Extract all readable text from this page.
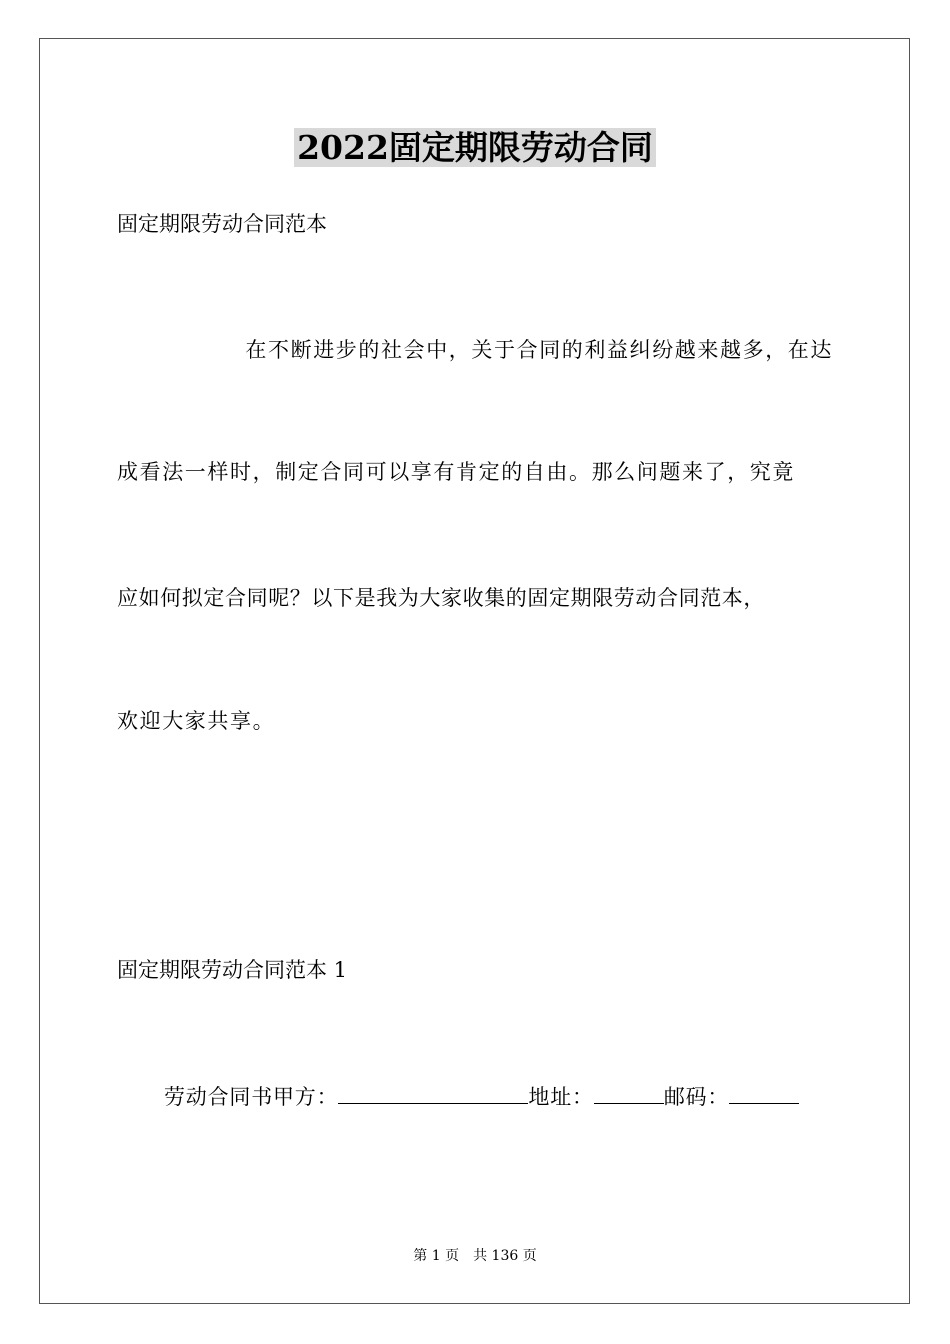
2022固定期限劳动合同
固定期限劳动合同范本
在不断进步的社会中，关于合同的利益纠纷越来越多，在达
成看法一样时，制定合同可以享有肯定的自由。那么问题来了，究竟
应如何拟定合同呢？以下是我为大家收集的固定期限劳动合同范本，
欢迎大家共享。
固定期限劳动合同范本 1
劳动合同书甲方：	地址：	邮码：
第 1 页 共 136 页
